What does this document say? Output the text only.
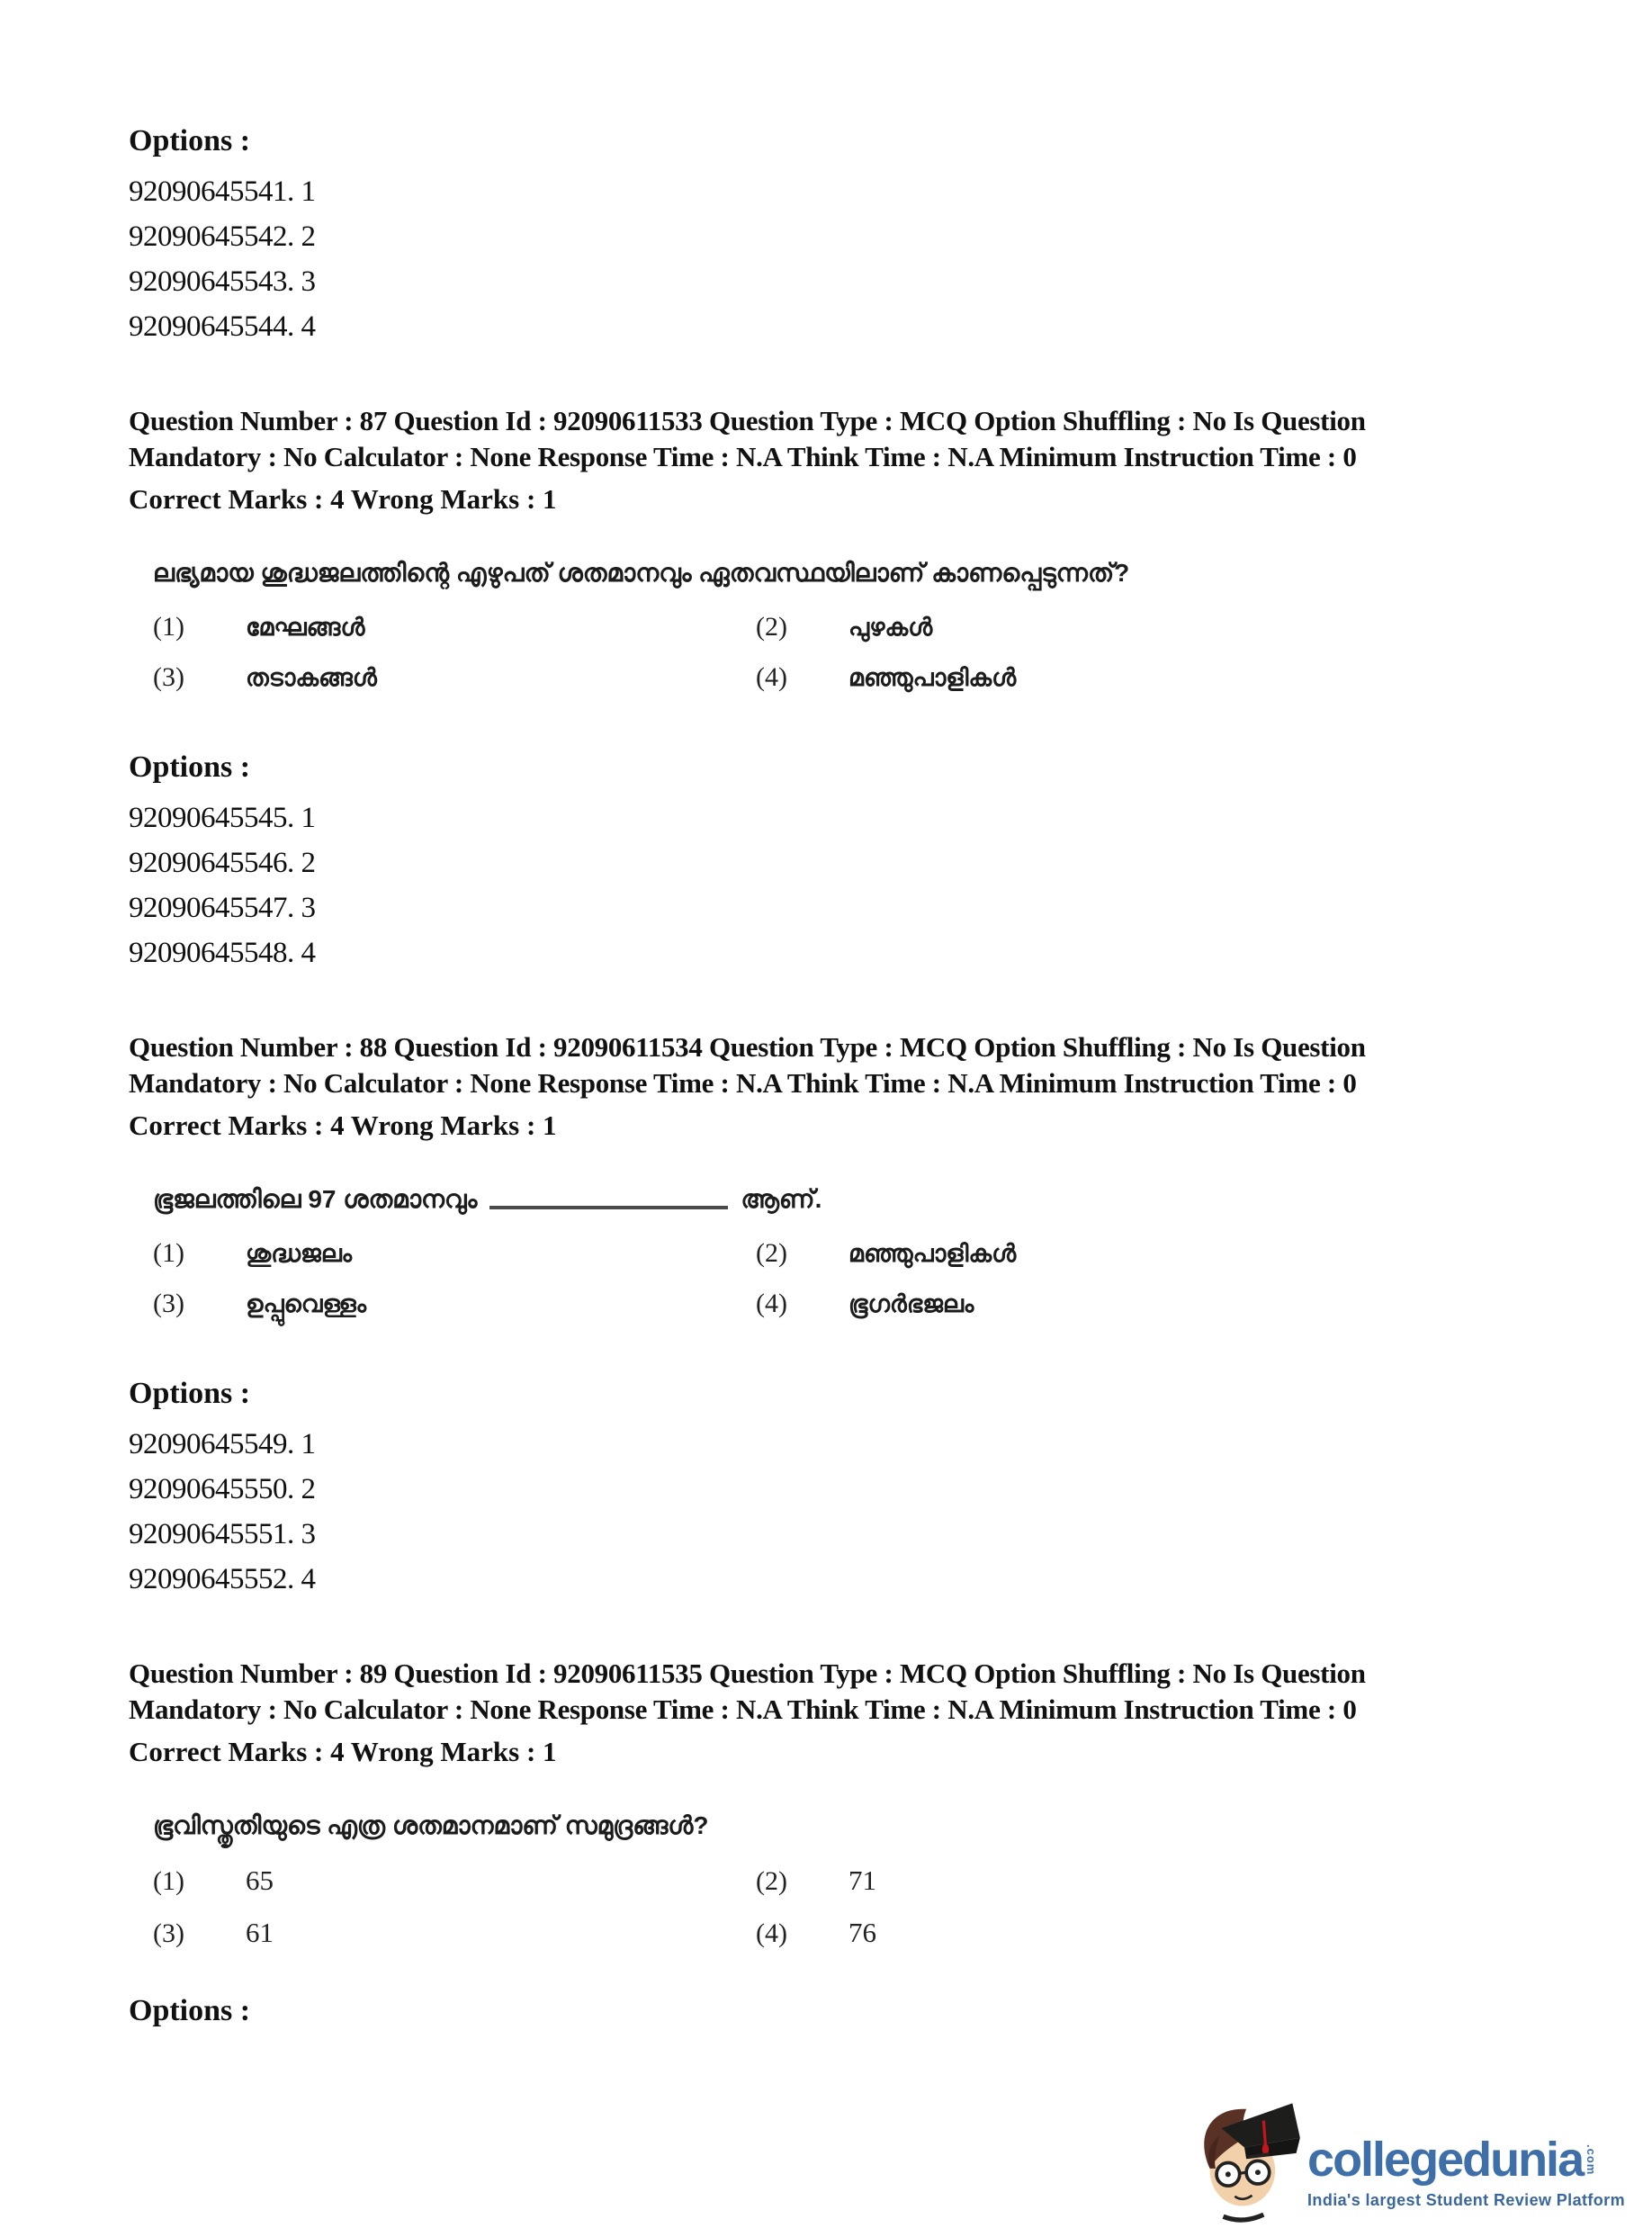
Options :
92090645541. 1
92090645542. 2
92090645543. 3
92090645544. 4
Question Number : 87 Question Id : 92090611533 Question Type : MCQ Option Shuffling : No Is Question Mandatory : No Calculator : None Response Time : N.A Think Time : N.A Minimum Instruction Time : 0
Correct Marks : 4 Wrong Marks : 1
ലഭ്യമായ ശുദ്ധജലത്തിന്റെ എഴുപത് ശതമാനവും ഏതവസ്ഥയിലാണ് കാണപ്പെടുന്നത്?
(1)	മേഘങ്ങൾ	(2)	പുഴകൾ
(3)	തടാകങ്ങൾ	(4)	മഞ്ഞുപാളികൾ
Options :
92090645545. 1
92090645546. 2
92090645547. 3
92090645548. 4
Question Number : 88 Question Id : 92090611534 Question Type : MCQ Option Shuffling : No Is Question Mandatory : No Calculator : None Response Time : N.A Think Time : N.A Minimum Instruction Time : 0
Correct Marks : 4 Wrong Marks : 1
ഭൂജലത്തിലെ 97 ശതമാനവും	ആണ്.
(1)	ശുദ്ധജലം	(2)	മഞ്ഞുപാളികൾ
(3)	ഉപ്പുവെള്ളം	(4)	ഭൂഗർഭജലം
Options :
92090645549. 1
92090645550. 2
92090645551. 3
92090645552. 4
Question Number : 89 Question Id : 92090611535 Question Type : MCQ Option Shuffling : No Is Question Mandatory : No Calculator : None Response Time : N.A Think Time : N.A Minimum Instruction Time : 0
Correct Marks : 4 Wrong Marks : 1
ഭൂവിസ്തൃതിയുടെ എത്ര ശതമാനമാണ് സമുദ്രങ്ങൾ?
(1)	65	(2)	71
(3)	61	(4)	76
Options :
collegedunia .com
India's largest Student Review Platform
